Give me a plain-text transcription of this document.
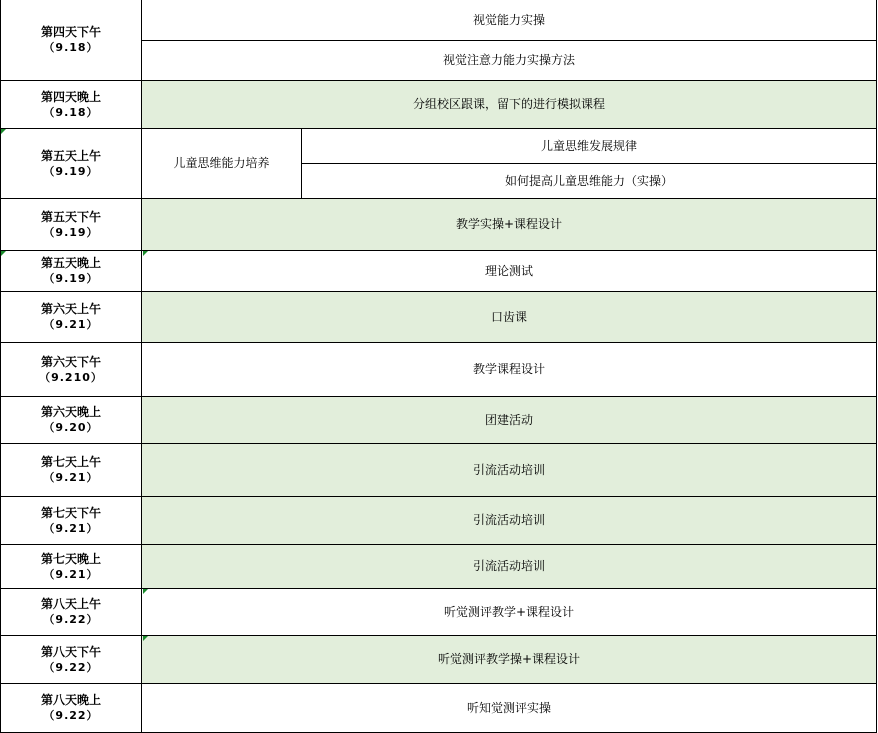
第四天下午
（9.18）
视觉能力实操
视觉注意力能力实操方法
第四天晚上
（9.18）
分组校区跟课，留下的进行模拟课程
第五天上午
（9.19）
儿童思维能力培养
儿童思维发展规律
如何提高儿童思维能力（实操）
第五天下午
（9.19）
教学实操+课程设计
第五天晚上
（9.19）
理论测试
第六天上午
（9.21）
口齿课
第六天下午
（9.210）
教学课程设计
第六天晚上
（9.20）
团建活动
第七天上午
（9.21）
引流活动培训
第七天下午
（9.21）
引流活动培训
第七天晚上
（9.21）
引流活动培训
第八天上午
（9.22）
听觉测评教学+课程设计
第八天下午
（9.22）
听觉测评教学操+课程设计
第八天晚上
（9.22）
听知觉测评实操
